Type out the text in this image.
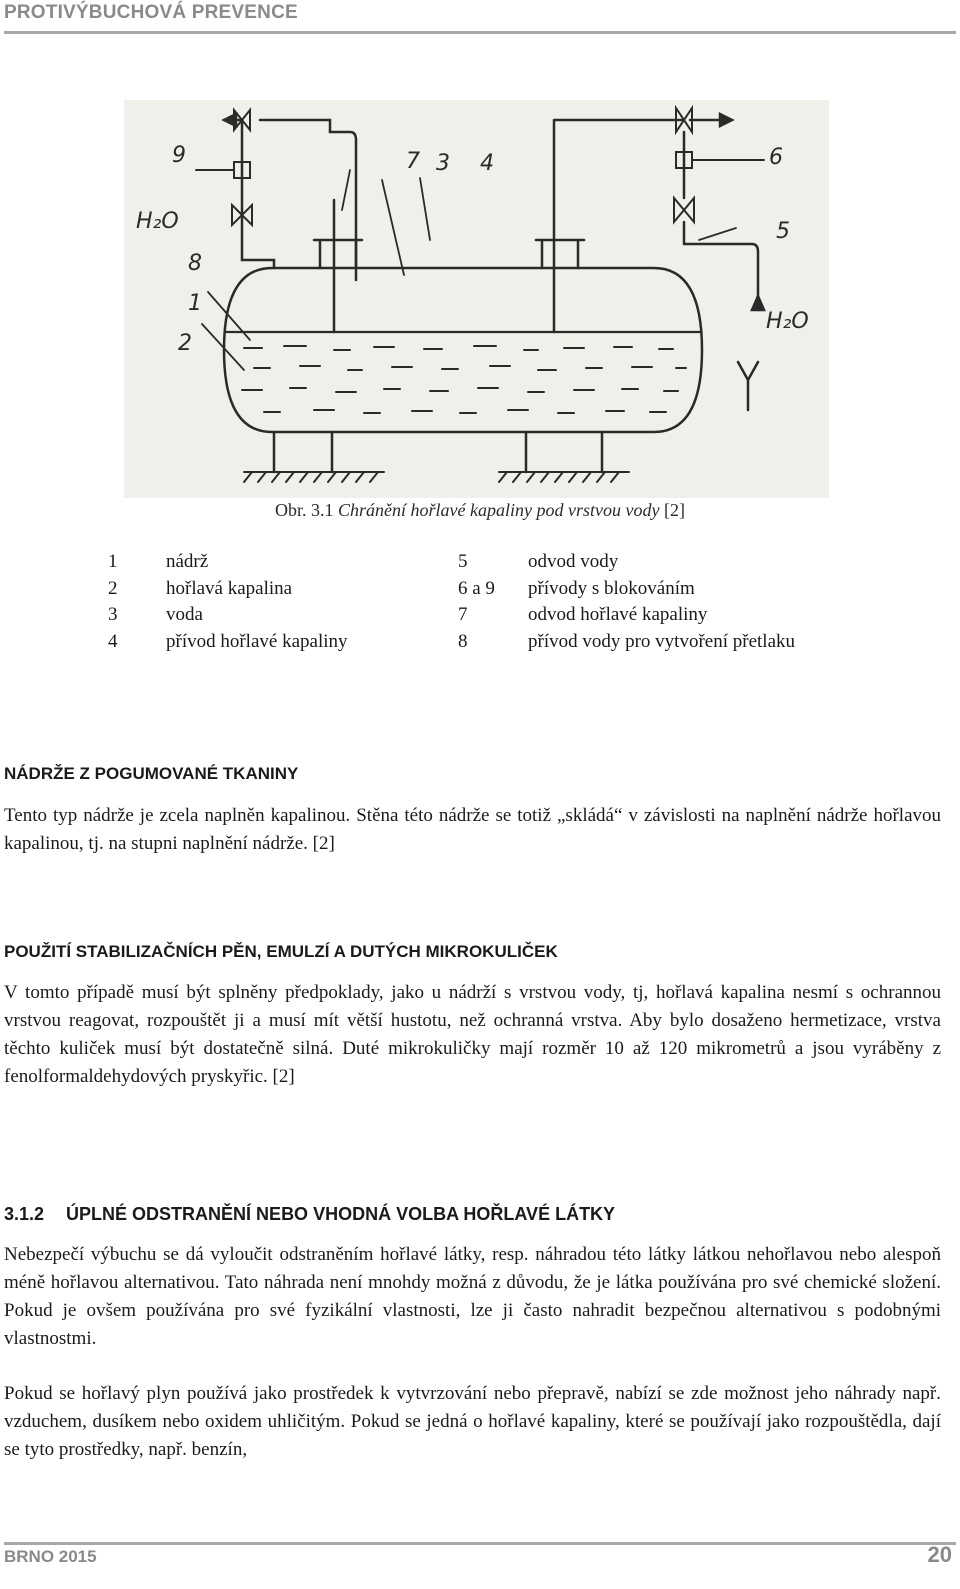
PROTIVÝBUCHOVÁ PREVENCE
9
H₂O
8
1
2
7 3 4	6
5
H₂O
Obr. 3.1 Chránění hořlavé kapaliny pod vrstvou vody [2]
1	nádrž	5	odvod vody
2	hořlavá kapalina	6 a 9 přívody s blokováním
3	voda	7	odvod hořlavé kapaliny
4	přívod hořlavé kapaliny	8	přívod vody pro vytvoření přetlaku
NÁDRŽE Z POGUMOVANÉ TKANINY
Tento typ nádrže je zcela naplněn kapalinou. Stěna této nádrže se totiž „skládá“ v závislosti na naplnění nádrže hořlavou kapalinou, tj. na stupni naplnění nádrže. [2]
POUŽITÍ STABILIZAČNÍCH PĚN, EMULZÍ A DUTÝCH MIKROKULIČEK
V tomto případě musí být splněny předpoklady, jako u nádrží s vrstvou vody, tj, hořlavá kapalina nesmí s ochrannou vrstvou reagovat, rozpouštět ji a musí mít větší hustotu, než ochranná vrstva. Aby bylo dosaženo hermetizace, vrstva těchto kuliček musí být dostatečně silná. Duté mikrokuličky mají rozměr 10 až 120 mikrometrů a jsou vyráběny z fenolformaldehydových pryskyřic. [2]
3.1.2 ÚPLNÉ ODSTRANĚNÍ NEBO VHODNÁ VOLBA HOŘLAVÉ LÁTKY
Nebezpečí výbuchu se dá vyloučit odstraněním hořlavé látky, resp. náhradou této látky látkou nehořlavou nebo alespoň méně hořlavou alternativou. Tato náhrada není mnohdy možná z důvodu, že je látka používána pro své chemické složení. Pokud je ovšem používána pro své fyzikální vlastnosti, lze ji často nahradit bezpečnou alternativou s podobnými vlastnostmi.
Pokud se hořlavý plyn používá jako prostředek k vytvrzování nebo přepravě, nabízí se zde možnost jeho náhrady např. vzduchem, dusíkem nebo oxidem uhličitým. Pokud se jedná o hořlavé kapaliny, které se používají jako rozpouštědla, dají se tyto prostředky, např. benzín,
BRNO 2015	20
